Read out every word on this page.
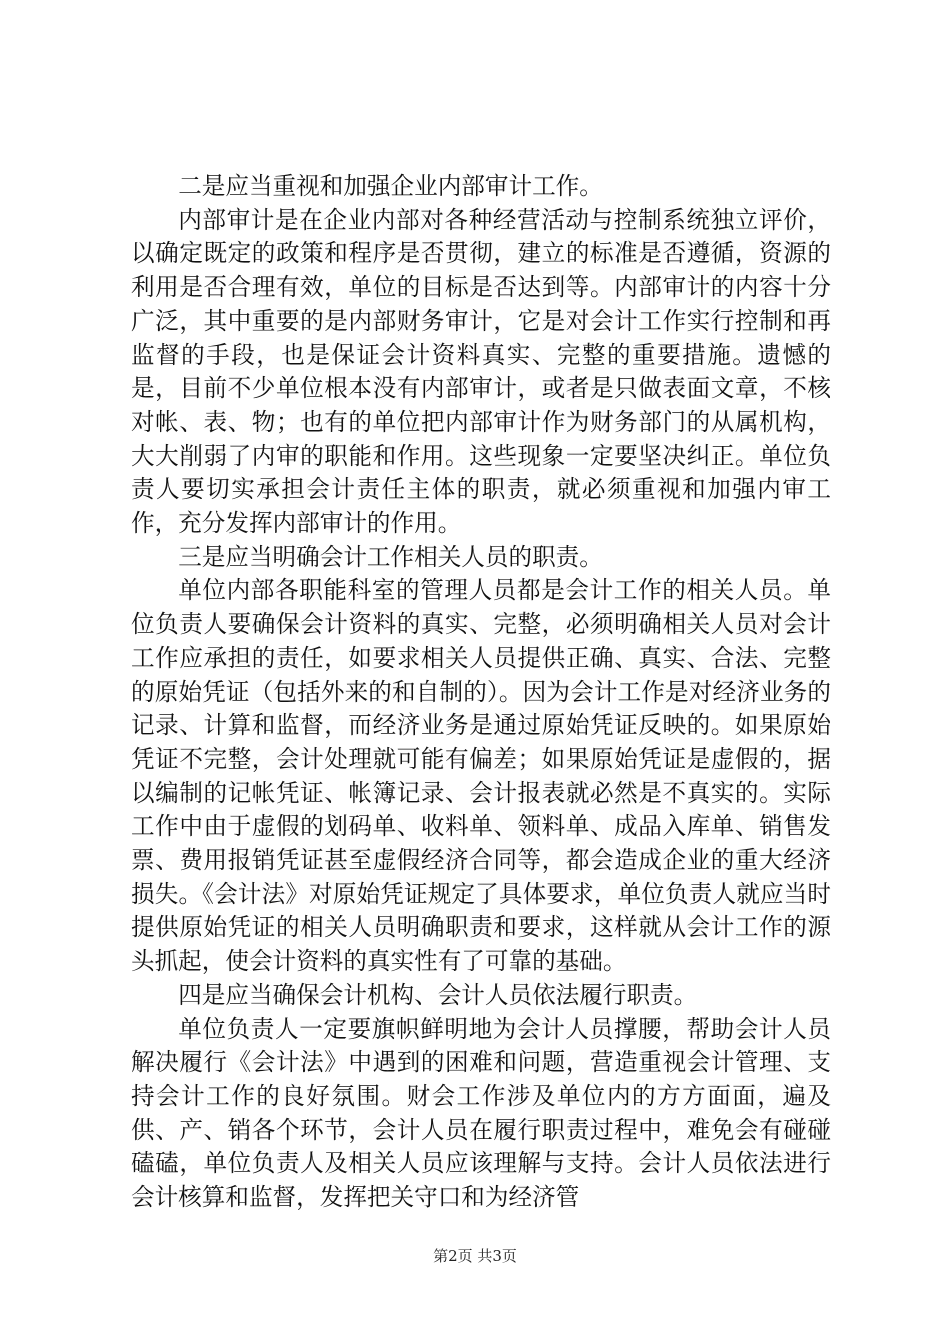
二是应当重视和加强企业内部审计工作。

内部审计是在企业内部对各种经营活动与控制系统独立评价，以确定既定的政策和程序是否贯彻，建立的标准是否遵循，资源的利用是否合理有效，单位的目标是否达到等。内部审计的内容十分广泛，其中重要的是内部财务审计，它是对会计工作实行控制和再监督的手段，也是保证会计资料真实、完整的重要措施。遗憾的是，目前不少单位根本没有内部审计，或者是只做表面文章，不核对帐、表、物；也有的单位把内部审计作为财务部门的从属机构，大大削弱了内审的职能和作用。这些现象一定要坚决纠正。单位负责人要切实承担会计责任主体的职责，就必须重视和加强内审工作，充分发挥内部审计的作用。

三是应当明确会计工作相关人员的职责。

单位内部各职能科室的管理人员都是会计工作的相关人员。单位负责人要确保会计资料的真实、完整，必须明确相关人员对会计工作应承担的责任，如要求相关人员提供正确、真实、合法、完整的原始凭证（包括外来的和自制的）。因为会计工作是对经济业务的记录、计算和监督，而经济业务是通过原始凭证反映的。如果原始凭证不完整，会计处理就可能有偏差；如果原始凭证是虚假的，据以编制的记帐凭证、帐簿记录、会计报表就必然是不真实的。实际工作中由于虚假的划码单、收料单、领料单、成品入库单、销售发票、费用报销凭证甚至虚假经济合同等，都会造成企业的重大经济损失。《会计法》对原始凭证规定了具体要求，单位负责人就应当时提供原始凭证的相关人员明确职责和要求，这样就从会计工作的源头抓起，使会计资料的真实性有了可靠的基础。

四是应当确保会计机构、会计人员依法履行职责。

单位负责人一定要旗帜鲜明地为会计人员撑腰，帮助会计人员解决履行《会计法》中遇到的困难和问题，营造重视会计管理、支持会计工作的良好氛围。财会工作涉及单位内的方方面面，遍及供、产、销各个环节，会计人员在履行职责过程中，难免会有碰碰磕磕，单位负责人及相关人员应该理解与支持。会计人员依法进行会计核算和监督，发挥把关守口和为经济管

第2页 共3页
